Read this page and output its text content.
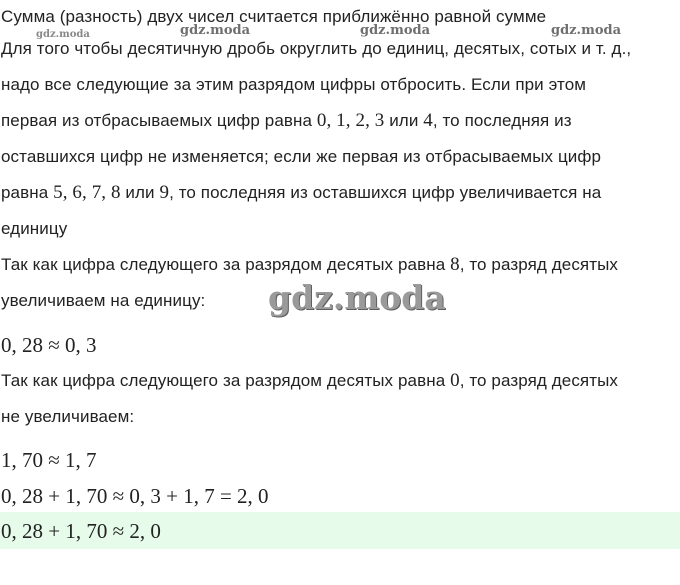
Сумма (разность) двух чисел считается приближённо равной сумме
Для того чтобы десятичную дробь округлить до единиц, десятых, сотых и т. д.,
надо все следующие за этим разрядом цифры отбросить. Если при этом
первая из отбрасываемых цифр равна 0, 1, 2, 3 или 4, то последняя из
оставшихся цифр не изменяется; если же первая из отбрасываемых цифр
равна 5, 6, 7, 8 или 9, то последняя из оставшихся цифр увеличивается на
единицу
Так как цифра следующего за разрядом десятых равна 8, то разряд десятых
увеличиваем на единицу:
0, 28 ≈ 0, 3
Так как цифра следующего за разрядом десятых равна 0, то разряд десятых
не увеличиваем:
1, 70 ≈ 1, 7
0, 28 + 1, 70 ≈ 0, 3 + 1, 7 = 2, 0
0, 28 + 1, 70 ≈ 2, 0
gdz.moda	gdz.moda	gdz.moda	gdz.moda
gdz.moda
